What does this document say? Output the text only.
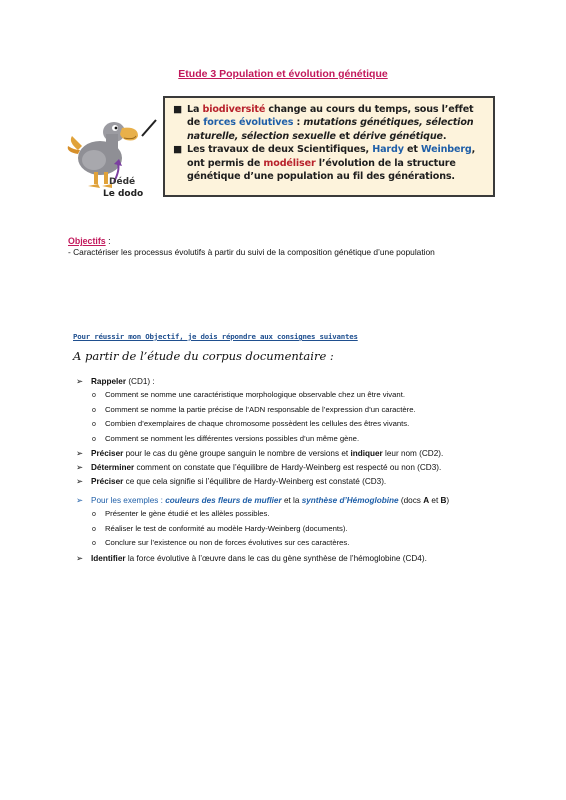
Etude 3 Population et évolution génétique
Dédé
Le dodo
■ La biodiversité change au cours du temps, sous l’effet de forces évolutives : mutations génétiques, sélection naturelle, sélection sexuelle et dérive génétique.
■ Les travaux de deux Scientifiques, Hardy et Weinberg, ont permis de modéliser l’évolution de la structure génétique d’une population au fil des générations.
Objectifs :
- Caractériser les processus évolutifs à partir du suivi de la composition génétique d’une population
Pour réussir mon Objectif, je dois répondre aux consignes suivantes
A partir de l’étude du corpus documentaire :
➢ Rappeler (CD1) :
o	Comment se nomme une caractéristique morphologique observable chez un être vivant.
o	Comment se nomme la partie précise de l’ADN responsable de l’expression d’un caractère.
o	Combien d’exemplaires de chaque chromosome possèdent les cellules des êtres vivants.
o	Comment se nomment les différentes versions possibles d’un même gène.
➢ Préciser pour le cas du gène groupe sanguin le nombre de versions et indiquer leur nom (CD2).
➢ Déterminer comment on constate que l’équilibre de Hardy-Weinberg est respecté ou non (CD3).
➢ Préciser ce que cela signifie si l’équilibre de Hardy-Weinberg est constaté (CD3).
➢ Pour les exemples : couleurs des fleurs de muflier et la synthèse d’Hémoglobine (docs A et B)
o	Présenter le gène étudié et les allèles possibles.
o	Réaliser le test de conformité au modèle Hardy-Weinberg (documents).
o	Conclure sur l’existence ou non de forces évolutives sur ces caractères.
➢ Identifier la force évolutive à l’œuvre dans le cas du gène synthèse de l’hémoglobine (CD4).
